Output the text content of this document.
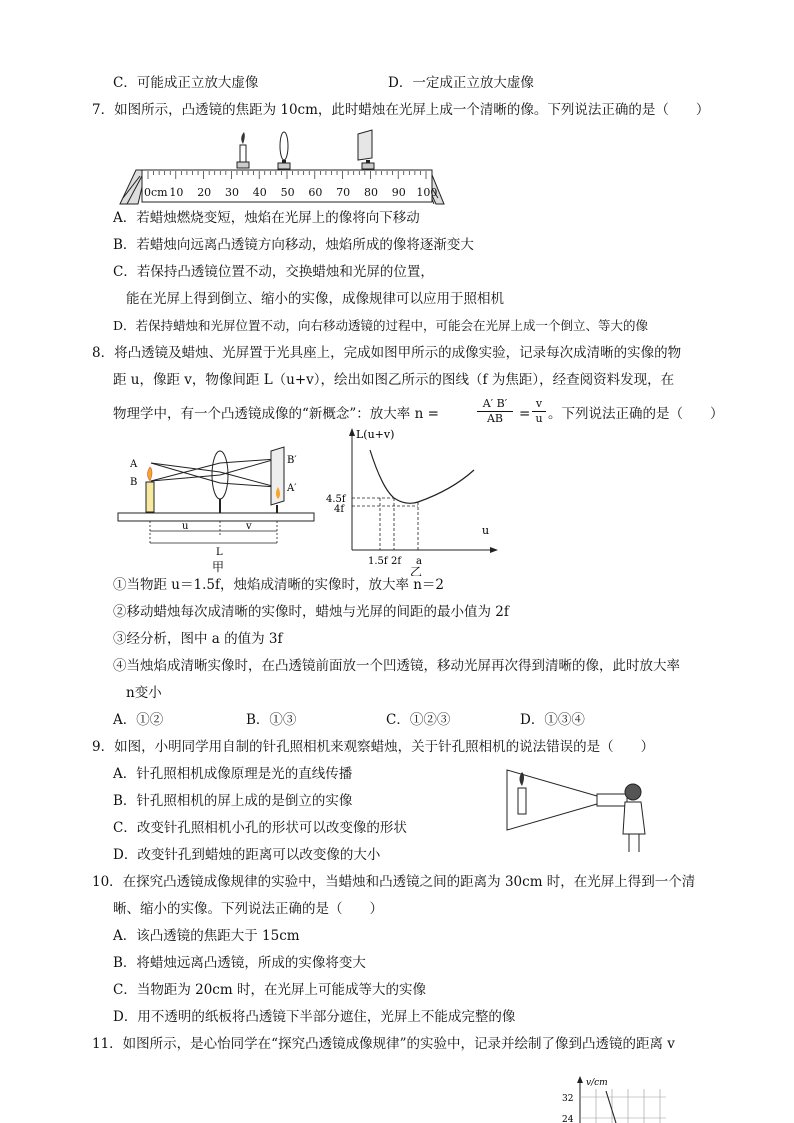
C．可能成正立放大虚像	D．一定成正立放大虚像
7．如图所示，凸透镜的焦距为 10cm，此时蜡烛在光屏上成一个清晰的像。下列说法正确的是（　　）
0cm 10 20 30 40 50 60 70 80 90 100
A．若蜡烛燃烧变短，烛焰在光屏上的像将向下移动
B．若蜡烛向远离凸透镜方向移动，烛焰所成的像将逐渐变大
C．若保持凸透镜位置不动，交换蜡烛和光屏的位置，
能在光屏上得到倒立、缩小的实像，成像规律可以应用于照相机
D．若保持蜡烛和光屏位置不动，向右移动透镜的过程中，可能会在光屏上成一个倒立、等大的像
8．将凸透镜及蜡烛、光屏置于光具座上，完成如图甲所示的成像实验，记录每次成清晰的实像的物
距 u，像距 v，物像间距 L（u+v），绘出如图乙所示的图线（f 为焦距），经查阅资料发现，在
物理学中，有一个凸透镜成像的“新概念”：放大率 n =	$\frac{A' B'}{AB} = \frac{v}{u}$ 。下列说法正确的是（　　）
A
B
B′
A′
u	v
L
甲
L(u+v)
u
4.5f
4f
1.5f 2f a
乙
①当物距 u＝1.5f，烛焰成清晰的实像时，放大率 n＝2
②移动蜡烛每次成清晰的实像时，蜡烛与光屏的间距的最小值为 2f
③经分析，图中 a 的值为 3f
④当烛焰成清晰实像时，在凸透镜前面放一个凹透镜，移动光屏再次得到清晰的像，此时放大率
n变小
A．①②	B．①③	C．①②③	D．①③④
9．如图，小明同学用自制的针孔照相机来观察蜡烛，关于针孔照相机的说法错误的是（　　）
A．针孔照相机成像原理是光的直线传播
B．针孔照相机的屏上成的是倒立的实像
C．改变针孔照相机小孔的形状可以改变像的形状
D．改变针孔到蜡烛的距离可以改变像的大小
10．在探究凸透镜成像规律的实验中，当蜡烛和凸透镜之间的距离为 30cm 时，在光屏上得到一个清
晰、缩小的实像。下列说法正确的是（　　）
A．该凸透镜的焦距大于 15cm
B．将蜡烛远离凸透镜，所成的实像将变大
C．当物距为 20cm 时，在光屏上可能成等大的实像
D．用不透明的纸板将凸透镜下半部分遮住，光屏上不能成完整的像
11．如图所示，是心怡同学在“探究凸透镜成像规律”的实验中，记录并绘制了像到凸透镜的距离 v
v/cm
32
24
